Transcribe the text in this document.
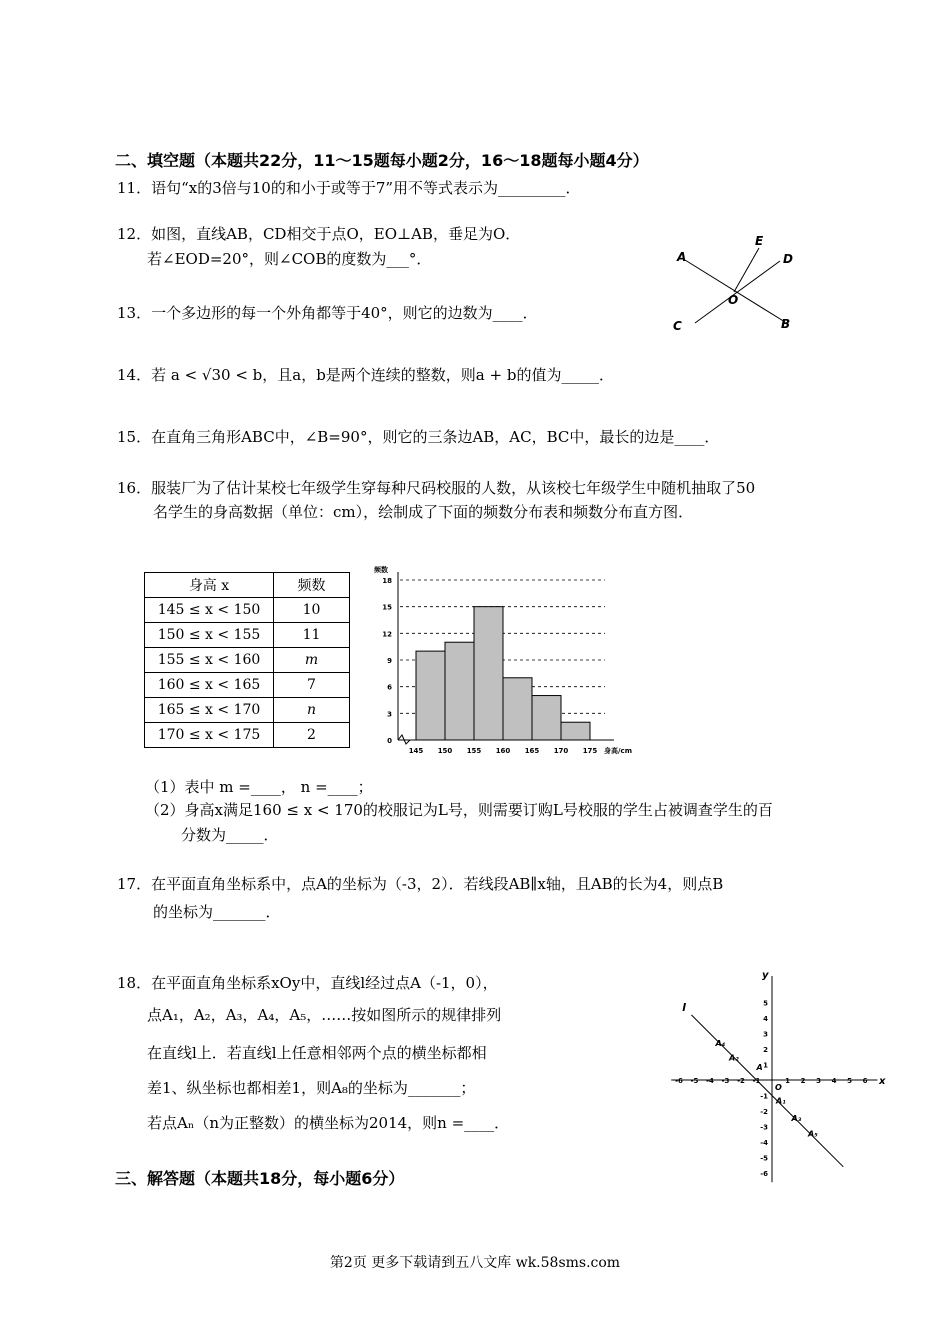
二、填空题（本题共22分，11～15题每小题2分，16～18题每小题4分）
11．语句“x的3倍与10的和小于或等于7”用不等式表示为_________．
12．如图，直线AB，CD相交于点O，EO⊥AB，垂足为O．
若∠EOD=20°，则∠COB的度数为___°．	A
E
D
O
C	B
13．一个多边形的每一个外角都等于40°，则它的边数为____．
14．若 a < √30 < b，且a，b是两个连续的整数，则a + b的值为_____．
15．在直角三角形ABC中，∠B=90°，则它的三条边AB，AC，BC中，最长的边是____．
16．服装厂为了估计某校七年级学生穿每种尺码校服的人数，从该校七年级学生中随机抽取了50
名学生的身高数据（单位：cm），绘制成了下面的频数分布表和频数分布直方图．
身高 x	频数
145 ≤ x < 150	10
150 ≤ x < 155	11
155 ≤ x < 160	m
160 ≤ x < 165	7
165 ≤ x < 170	n
170 ≤ x < 175	2	0
3
6
9
12
15
18
频数
145 150 155 160 165 170 175 身高/cm
（1）表中 m =____， n =____；
（2）身高x满足160 ≤ x < 170的校服记为L号，则需要订购L号校服的学生占被调查学生的百
分数为_____．
17．在平面直角坐标系中，点A的坐标为（-3，2）．若线段AB∥x轴，且AB的长为4，则点B
的坐标为_______．
18．在平面直角坐标系xOy中，直线l经过点A（-1，0），
点A₁，A₂，A₃，A₄，A₅，……按如图所示的规律排列
在直线l上．若直线l上任意相邻两个点的横坐标都相
差1、纵坐标也都相差1，则A₈的坐标为_______；
若点Aₙ（n为正整数）的横坐标为2014，则n =____．
x
y
-6 -5 -4 -3 -2 -1	1 2 3 4 5 6
5
4
3
2
1
-1
-2
-3
-4
-5
-6
O
l
A
A₁
A₂
A₃
A₄
A₅
三、解答题（本题共18分，每小题6分）
第2页 更多下载请到五八文库 wk.58sms.com
